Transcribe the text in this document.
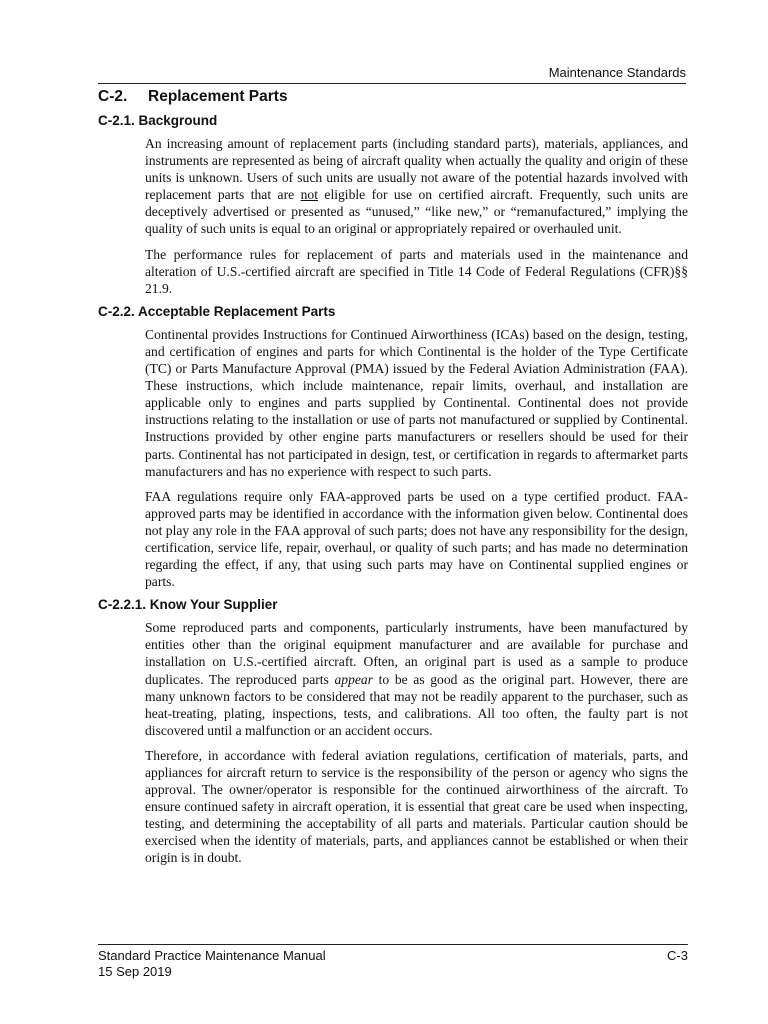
Maintenance Standards
C-2. Replacement Parts
C-2.1. Background

An increasing amount of replacement parts (including standard parts), materials, appliances, and instruments are represented as being of aircraft quality when actually the quality and origin of these units is unknown. Users of such units are usually not aware of the potential hazards involved with replacement parts that are not eligible for use on certified aircraft. Frequently, such units are deceptively advertised or presented as “unused,” “like new,” or “remanufactured,” implying the quality of such units is equal to an original or appropriately repaired or overhauled unit.

The performance rules for replacement of parts and materials used in the maintenance and alteration of U.S.-certified aircraft are specified in Title 14 Code of Federal Regulations (CFR)§§ 21.9.

C-2.2. Acceptable Replacement Parts

Continental provides Instructions for Continued Airworthiness (ICAs) based on the design, testing, and certification of engines and parts for which Continental is the holder of the Type Certificate (TC) or Parts Manufacture Approval (PMA) issued by the Federal Aviation Administration (FAA). These instructions, which include maintenance, repair limits, overhaul, and installation are applicable only to engines and parts supplied by Continental. Continental does not provide instructions relating to the installation or use of parts not manufactured or supplied by Continental. Instructions provided by other engine parts manufacturers or resellers should be used for their parts. Continental has not participated in design, test, or certification in regards to aftermarket parts manufacturers and has no experience with respect to such parts.

FAA regulations require only FAA-approved parts be used on a type certified product. FAA-approved parts may be identified in accordance with the information given below. Continental does not play any role in the FAA approval of such parts; does not have any responsibility for the design, certification, service life, repair, overhaul, or quality of such parts; and has made no determination regarding the effect, if any, that using such parts may have on Continental supplied engines or parts.

C-2.2.1. Know Your Supplier

Some reproduced parts and components, particularly instruments, have been manufactured by entities other than the original equipment manufacturer and are available for purchase and installation on U.S.-certified aircraft. Often, an original part is used as a sample to produce duplicates. The reproduced parts appear to be as good as the original part. However, there are many unknown factors to be considered that may not be readily apparent to the purchaser, such as heat-treating, plating, inspections, tests, and calibrations. All too often, the faulty part is not discovered until a malfunction or an accident occurs.

Therefore, in accordance with federal aviation regulations, certification of materials, parts, and appliances for aircraft return to service is the responsibility of the person or agency who signs the approval. The owner/operator is responsible for the continued airworthiness of the aircraft. To ensure continued safety in aircraft operation, it is essential that great care be used when inspecting, testing, and determining the acceptability of all parts and materials. Particular caution should be exercised when the identity of materials, parts, and appliances cannot be established or when their origin is in doubt.

Standard Practice Maintenance Manual	C-3
15 Sep 2019
